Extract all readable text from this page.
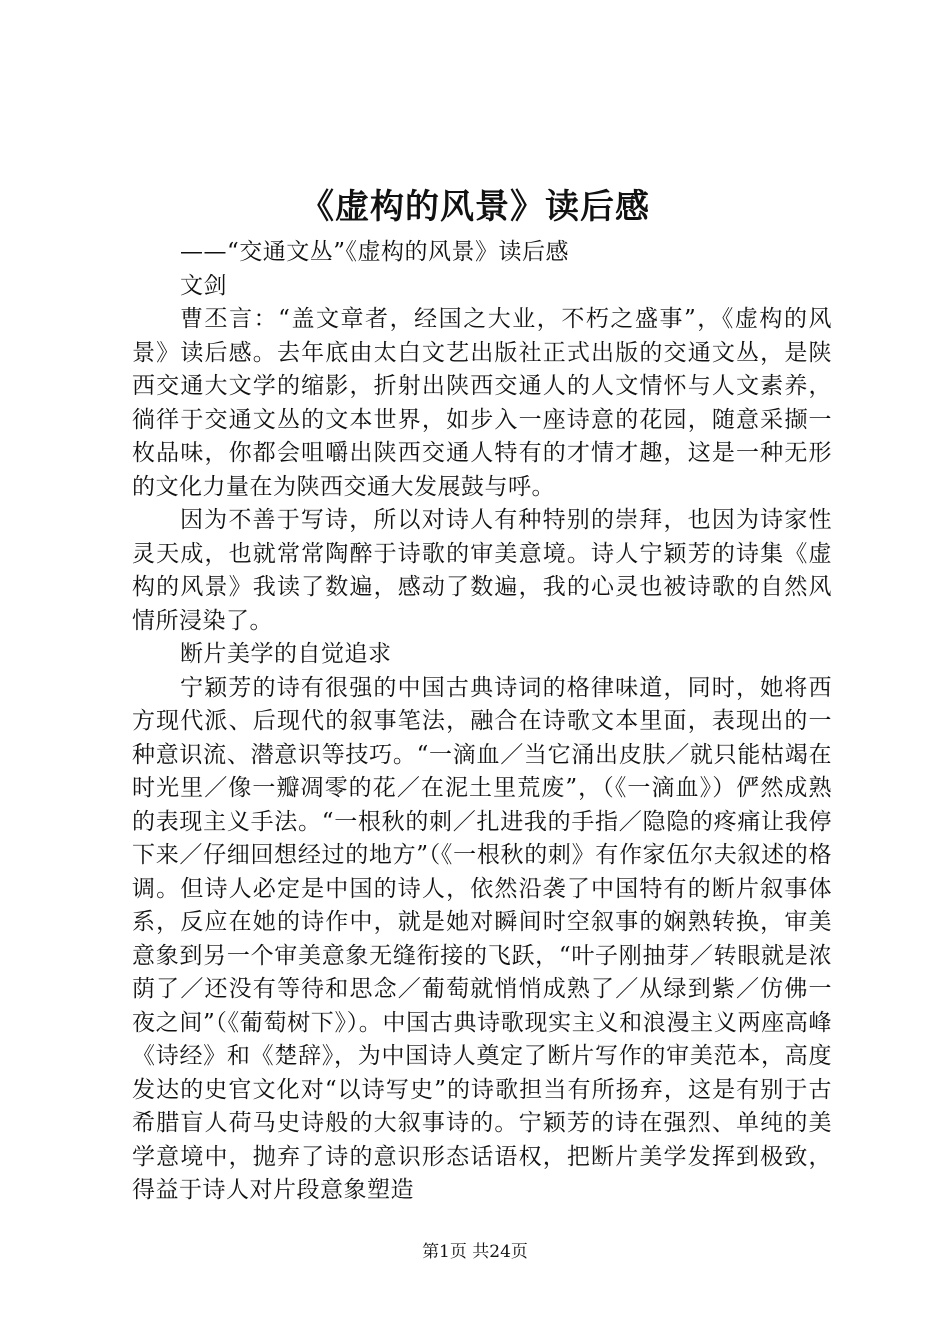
《虚构的风景》读后感

——“交通文丛”《虚构的风景》读后感

文剑

曹丕言：“盖文章者，经国之大业，不朽之盛事”，《虚构的风景》读后感。去年底由太白文艺出版社正式出版的交通文丛，是陕西交通大文学的缩影，折射出陕西交通人的人文情怀与人文素养，徜徉于交通文丛的文本世界，如步入一座诗意的花园，随意采撷一枚品味，你都会咀嚼出陕西交通人特有的才情才趣，这是一种无形的文化力量在为陕西交通大发展鼓与呼。

因为不善于写诗，所以对诗人有种特别的崇拜，也因为诗家性灵天成，也就常常陶醉于诗歌的审美意境。诗人宁颖芳的诗集《虚构的风景》我读了数遍，感动了数遍，我的心灵也被诗歌的自然风情所浸染了。

断片美学的自觉追求

宁颖芳的诗有很强的中国古典诗词的格律味道，同时，她将西方现代派、后现代的叙事笔法，融合在诗歌文本里面，表现出的一种意识流、潜意识等技巧。“一滴血／当它涌出皮肤／就只能枯竭在时光里／像一瓣凋零的花／在泥土里荒废”，（《一滴血》）俨然成熟的表现主义手法。“一根秋的刺／扎进我的手指／隐隐的疼痛让我停下来／仔细回想经过的地方”（《一根秋的刺》有作家伍尔夫叙述的格调。但诗人必定是中国的诗人，依然沿袭了中国特有的断片叙事体系，反应在她的诗作中，就是她对瞬间时空叙事的娴熟转换，审美意象到另一个审美意象无缝衔接的飞跃，“叶子刚抽芽／转眼就是浓荫了／还没有等待和思念／葡萄就悄悄成熟了／从绿到紫／仿佛一夜之间”（《葡萄树下》）。中国古典诗歌现实主义和浪漫主义两座高峰《诗经》和《楚辞》，为中国诗人奠定了断片写作的审美范本，高度发达的史官文化对“以诗写史”的诗歌担当有所扬弃，这是有别于古希腊盲人荷马史诗般的大叙事诗的。宁颖芳的诗在强烈、单纯的美学意境中，抛弃了诗的意识形态话语权，把断片美学发挥到极致，得益于诗人对片段意象塑造

第1页 共24页
